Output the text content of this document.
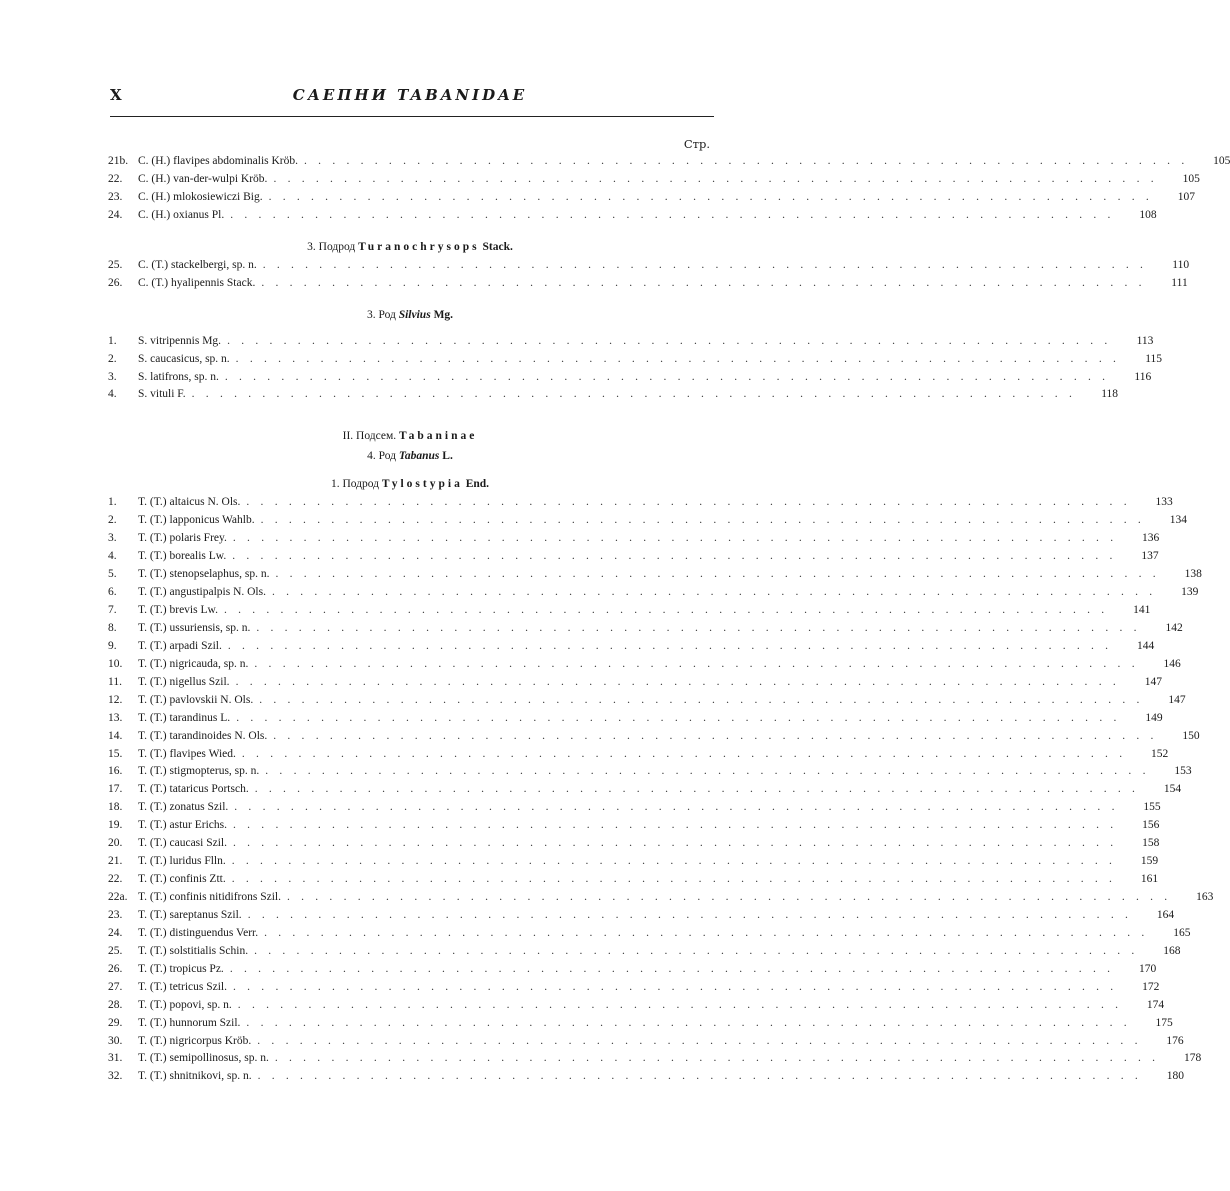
X	САЕПНИ TABANIDAE
Стр.
21b. C. (H.) flavipes abdominalis Kröb. . . . . . . . . . . . . . . . . . . . . . . . . . . . . . . . . . . . . . . . . . . . . . . . . . . . . . . . . . . . . . . .	105
22.	C. (H.) van-der-wulpi Kröb. . . . . . . . . . . . . . . . . . . . . . . . . . . . . . . . . . . . . . . . . . . . . . . . . . . . . . . . . . . . . . . .	105
23.	C. (H.) mlokosiewiczi Big. . . . . . . . . . . . . . . . . . . . . . . . . . . . . . . . . . . . . . . . . . . . . . . . . . . . . . . . . . . . . . . .	107
24.	C. (H.) oxianus Pl. . . . . . . . . . . . . . . . . . . . . . . . . . . . . . . . . . . . . . . . . . . . . . . . . . . . . . . . . . . . . . . .	108
3. Подрод Turanochrysops Stack.
25.	C. (T.) stackelbergi, sp. n. . . . . . . . . . . . . . . . . . . . . . . . . . . . . . . . . . . . . . . . . . . . . . . . . . . . . . . . . . . . . . . .	110
26.	C. (T.) hyalipennis Stack. . . . . . . . . . . . . . . . . . . . . . . . . . . . . . . . . . . . . . . . . . . . . . . . . . . . . . . . . . . . . . . .	111
3. Род Silvius Mg.
1.	S. vitripennis Mg. . . . . . . . . . . . . . . . . . . . . . . . . . . . . . . . . . . . . . . . . . . . . . . . . . . . . . . . . . . . . . . .	113
2.	S. caucasicus, sp. n. . . . . . . . . . . . . . . . . . . . . . . . . . . . . . . . . . . . . . . . . . . . . . . . . . . . . . . . . . . . . . . .	115
3.	S. latifrons, sp. n. . . . . . . . . . . . . . . . . . . . . . . . . . . . . . . . . . . . . . . . . . . . . . . . . . . . . . . . . . . . . . . .	116
4.	S. vituli F. . . . . . . . . . . . . . . . . . . . . . . . . . . . . . . . . . . . . . . . . . . . . . . . . . . . . . . . . . . . . . . .	118
II. Подсем. Tabaninae
4. Род Tabanus L.
1. Подрод Tylostypia End.
1.	T. (T.) altaicus N. Ols. . . . . . . . . . . . . . . . . . . . . . . . . . . . . . . . . . . . . . . . . . . . . . . . . . . . . . . . . . . . . . . .	133
2.	T. (T.) lapponicus Wahlb. . . . . . . . . . . . . . . . . . . . . . . . . . . . . . . . . . . . . . . . . . . . . . . . . . . . . . . . . . . . . . . .	134
3.	T. (T.) polaris Frey. . . . . . . . . . . . . . . . . . . . . . . . . . . . . . . . . . . . . . . . . . . . . . . . . . . . . . . . . . . . . . . .	136
4.	T. (T.) borealis Lw. . . . . . . . . . . . . . . . . . . . . . . . . . . . . . . . . . . . . . . . . . . . . . . . . . . . . . . . . . . . . . . .	137
5.	T. (T.) stenopselaphus, sp. n. . . . . . . . . . . . . . . . . . . . . . . . . . . . . . . . . . . . . . . . . . . . . . . . . . . . . . . . . . . . . . . .	138
6.	T. (T.) angustipalpis N. Ols. . . . . . . . . . . . . . . . . . . . . . . . . . . . . . . . . . . . . . . . . . . . . . . . . . . . . . . . . . . . . . . .	139
7.	T. (T.) brevis Lw. . . . . . . . . . . . . . . . . . . . . . . . . . . . . . . . . . . . . . . . . . . . . . . . . . . . . . . . . . . . . . . .	141
8.	T. (T.) ussuriensis, sp. n. . . . . . . . . . . . . . . . . . . . . . . . . . . . . . . . . . . . . . . . . . . . . . . . . . . . . . . . . . . . . . . .	142
9.	T. (T.) arpadi Szil. . . . . . . . . . . . . . . . . . . . . . . . . . . . . . . . . . . . . . . . . . . . . . . . . . . . . . . . . . . . . . . .	144
10.	T. (T.) nigricauda, sp. n. . . . . . . . . . . . . . . . . . . . . . . . . . . . . . . . . . . . . . . . . . . . . . . . . . . . . . . . . . . . . . . .	146
11.	T. (T.) nigellus Szil. . . . . . . . . . . . . . . . . . . . . . . . . . . . . . . . . . . . . . . . . . . . . . . . . . . . . . . . . . . . . . . .	147
12.	T. (T.) pavlovskii N. Ols. . . . . . . . . . . . . . . . . . . . . . . . . . . . . . . . . . . . . . . . . . . . . . . . . . . . . . . . . . . . . . . .	147
13.	T. (T.) tarandinus L. . . . . . . . . . . . . . . . . . . . . . . . . . . . . . . . . . . . . . . . . . . . . . . . . . . . . . . . . . . . . . . .	149
14.	T. (T.) tarandinoides N. Ols. . . . . . . . . . . . . . . . . . . . . . . . . . . . . . . . . . . . . . . . . . . . . . . . . . . . . . . . . . . . . . . .	150
15.	T. (T.) flavipes Wied. . . . . . . . . . . . . . . . . . . . . . . . . . . . . . . . . . . . . . . . . . . . . . . . . . . . . . . . . . . . . . . .	152
16.	T. (T.) stigmopterus, sp. n. . . . . . . . . . . . . . . . . . . . . . . . . . . . . . . . . . . . . . . . . . . . . . . . . . . . . . . . . . . . . . . .	153
17.	T. (T.) tataricus Portsch. . . . . . . . . . . . . . . . . . . . . . . . . . . . . . . . . . . . . . . . . . . . . . . . . . . . . . . . . . . . . . . .	154
18.	T. (T.) zonatus Szil. . . . . . . . . . . . . . . . . . . . . . . . . . . . . . . . . . . . . . . . . . . . . . . . . . . . . . . . . . . . . . . .	155
19.	T. (T.) astur Erichs. . . . . . . . . . . . . . . . . . . . . . . . . . . . . . . . . . . . . . . . . . . . . . . . . . . . . . . . . . . . . . . .	156
20.	T. (T.) caucasi Szil. . . . . . . . . . . . . . . . . . . . . . . . . . . . . . . . . . . . . . . . . . . . . . . . . . . . . . . . . . . . . . . .	158
21.	T. (T.) luridus Flln. . . . . . . . . . . . . . . . . . . . . . . . . . . . . . . . . . . . . . . . . . . . . . . . . . . . . . . . . . . . . . . .	159
22.	T. (T.) confinis Ztt. . . . . . . . . . . . . . . . . . . . . . . . . . . . . . . . . . . . . . . . . . . . . . . . . . . . . . . . . . . . . . . .	161
22a. T. (T.) confinis nitidifrons Szil. . . . . . . . . . . . . . . . . . . . . . . . . . . . . . . . . . . . . . . . . . . . . . . . . . . . . . . . . . . . . . . .	163
23.	T. (T.) sareptanus Szil. . . . . . . . . . . . . . . . . . . . . . . . . . . . . . . . . . . . . . . . . . . . . . . . . . . . . . . . . . . . . . . .	164
24.	T. (T.) distinguendus Verr. . . . . . . . . . . . . . . . . . . . . . . . . . . . . . . . . . . . . . . . . . . . . . . . . . . . . . . . . . . . . . . .	165
25.	T. (T.) solstitialis Schin. . . . . . . . . . . . . . . . . . . . . . . . . . . . . . . . . . . . . . . . . . . . . . . . . . . . . . . . . . . . . . . .	168
26.	T. (T.) tropicus Pz. . . . . . . . . . . . . . . . . . . . . . . . . . . . . . . . . . . . . . . . . . . . . . . . . . . . . . . . . . . . . . . .	170
27.	T. (T.) tetricus Szil. . . . . . . . . . . . . . . . . . . . . . . . . . . . . . . . . . . . . . . . . . . . . . . . . . . . . . . . . . . . . . . .	172
28.	T. (T.) popovi, sp. n. . . . . . . . . . . . . . . . . . . . . . . . . . . . . . . . . . . . . . . . . . . . . . . . . . . . . . . . . . . . . . . .	174
29.	T. (T.) hunnorum Szil. . . . . . . . . . . . . . . . . . . . . . . . . . . . . . . . . . . . . . . . . . . . . . . . . . . . . . . . . . . . . . . .	175
30.	T. (T.) nigricorpus Kröb. . . . . . . . . . . . . . . . . . . . . . . . . . . . . . . . . . . . . . . . . . . . . . . . . . . . . . . . . . . . . . . .	176
31.	T. (T.) semipollinosus, sp. n. . . . . . . . . . . . . . . . . . . . . . . . . . . . . . . . . . . . . . . . . . . . . . . . . . . . . . . . . . . . . . . .	178
32.	T. (T.) shnitnikovi, sp. n. . . . . . . . . . . . . . . . . . . . . . . . . . . . . . . . . . . . . . . . . . . . . . . . . . . . . . . . . . . . . . . .	180
